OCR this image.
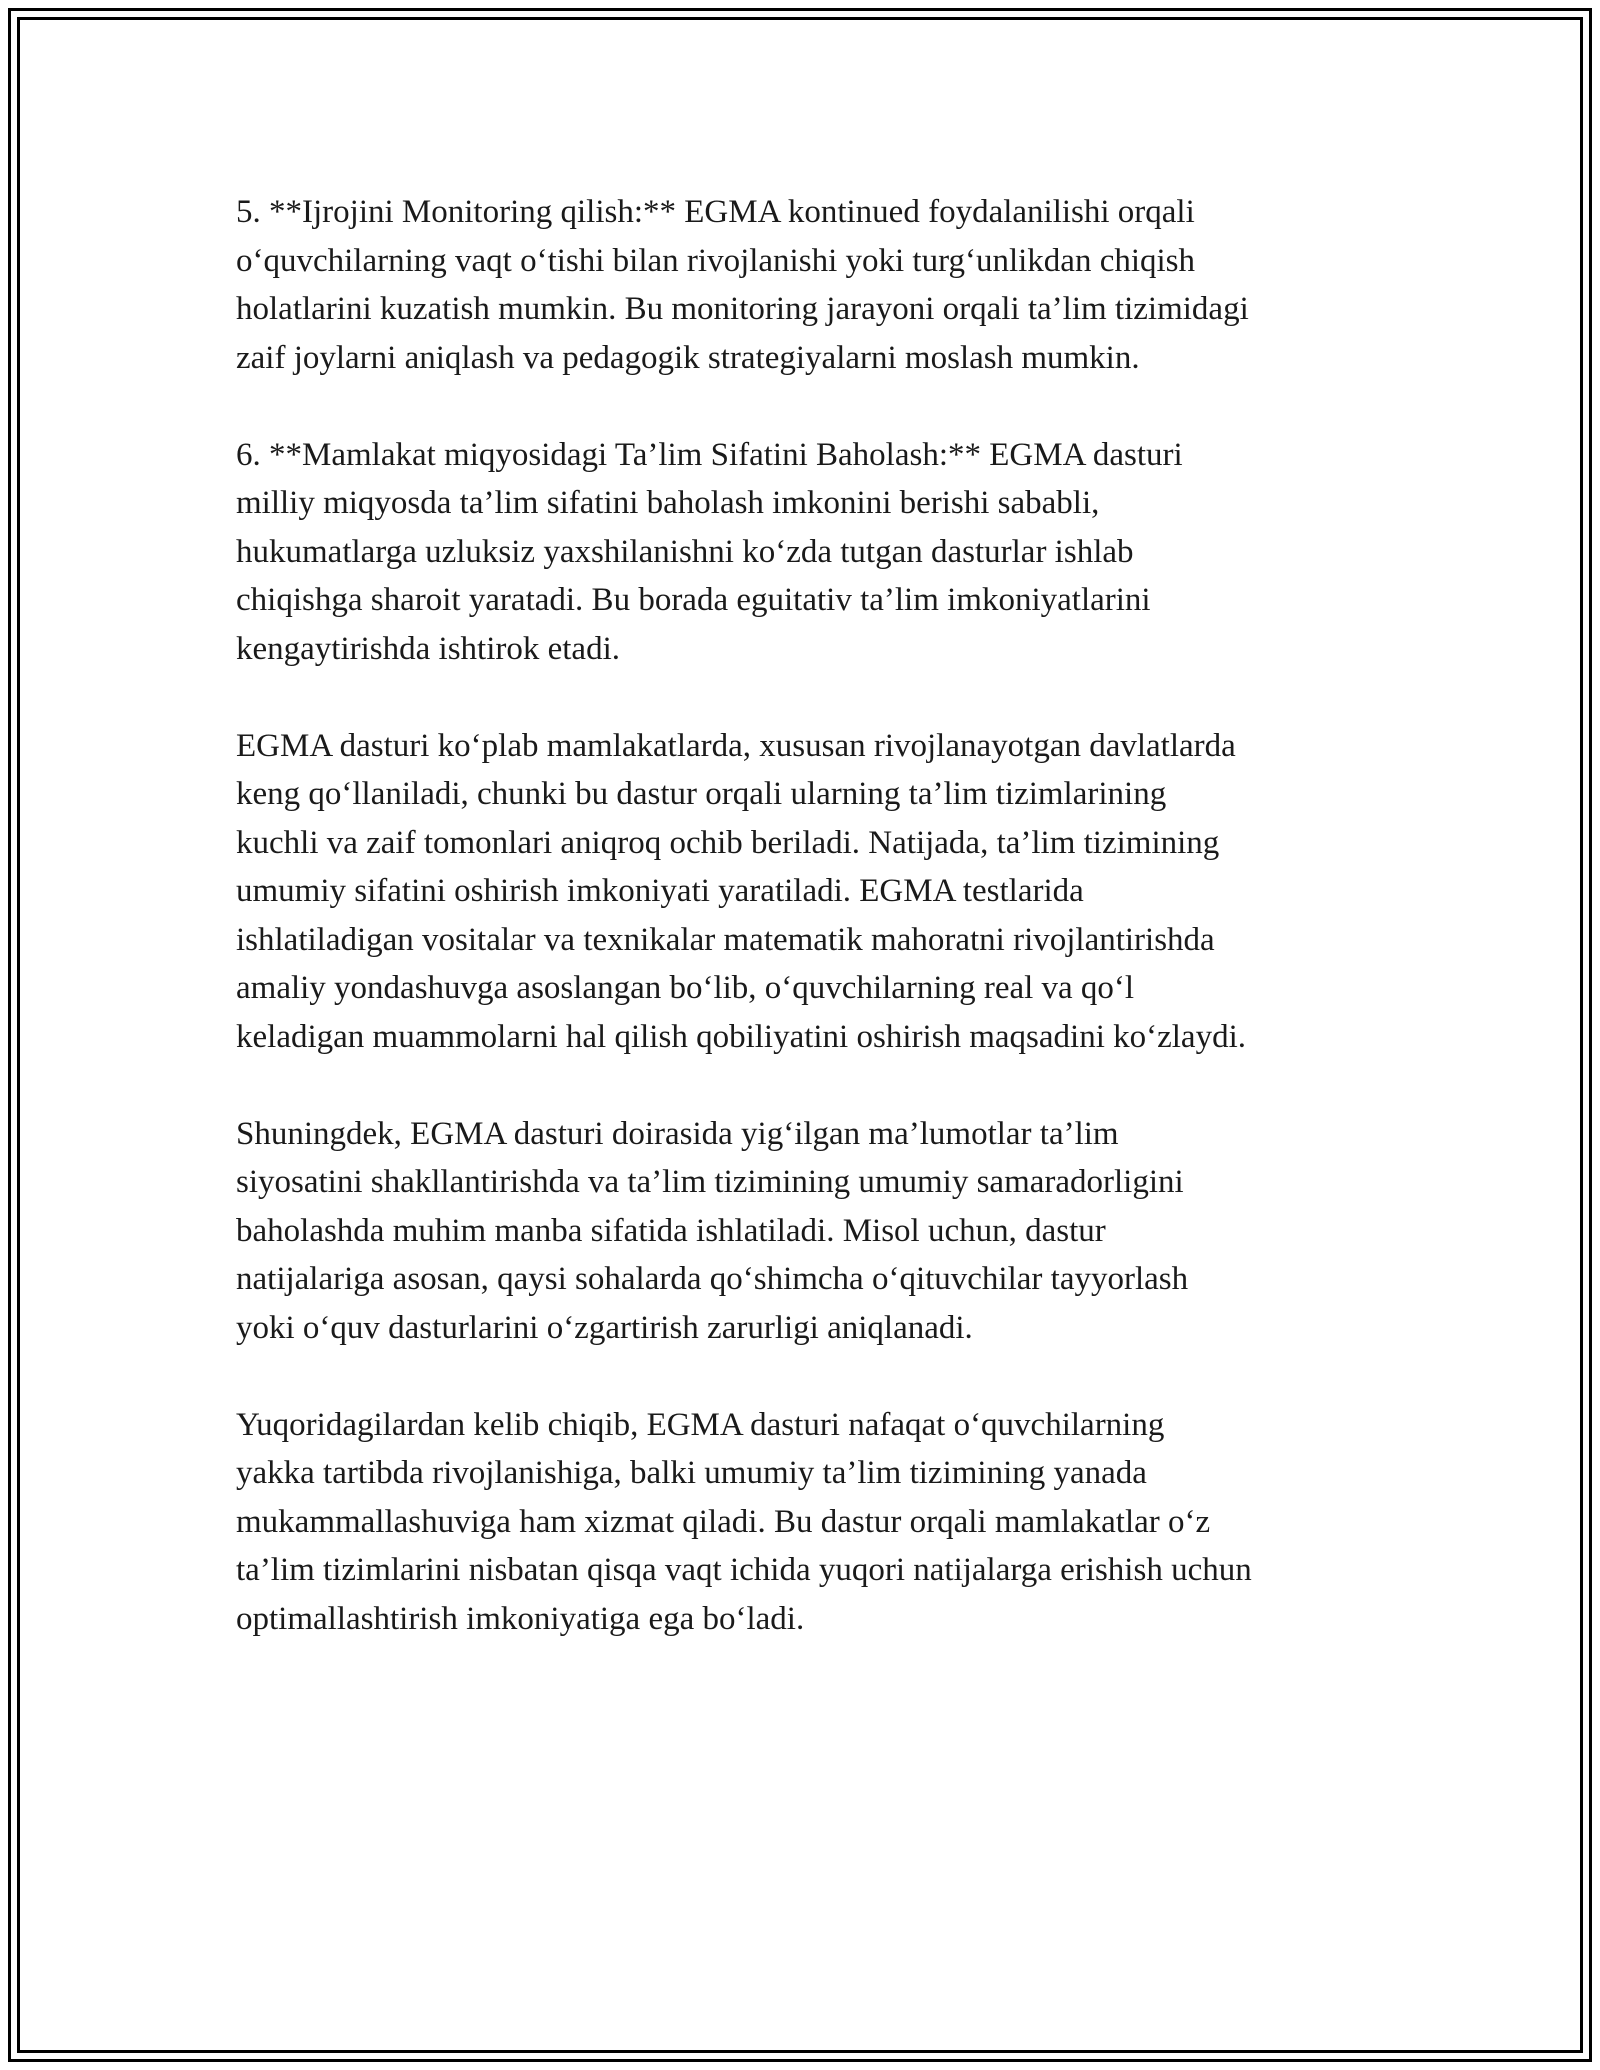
5. **Ijrojini Monitoring qilish:** EGMA kontinued foydalanilishi orqali
o‘quvchilarning vaqt o‘tishi bilan rivojlanishi yoki turg‘unlikdan chiqish
holatlarini kuzatish mumkin. Bu monitoring jarayoni orqali ta’lim tizimidagi
zaif joylarni aniqlash va pedagogik strategiyalarni moslash mumkin.

6. **Mamlakat miqyosidagi Ta’lim Sifatini Baholash:** EGMA dasturi
milliy miqyosda ta’lim sifatini baholash imkonini berishi sababli,
hukumatlarga uzluksiz yaxshilanishni ko‘zda tutgan dasturlar ishlab
chiqishga sharoit yaratadi. Bu borada eguitativ ta’lim imkoniyatlarini
kengaytirishda ishtirok etadi.

EGMA dasturi ko‘plab mamlakatlarda, xususan rivojlanayotgan davlatlarda
keng qo‘llaniladi, chunki bu dastur orqali ularning ta’lim tizimlarining
kuchli va zaif tomonlari aniqroq ochib beriladi. Natijada, ta’lim tizimining
umumiy sifatini oshirish imkoniyati yaratiladi. EGMA testlarida
ishlatiladigan vositalar va texnikalar matematik mahoratni rivojlantirishda
amaliy yondashuvga asoslangan bo‘lib, o‘quvchilarning real va qo‘l
keladigan muammolarni hal qilish qobiliyatini oshirish maqsadini ko‘zlaydi.

Shuningdek, EGMA dasturi doirasida yig‘ilgan ma’lumotlar ta’lim
siyosatini shakllantirishda va ta’lim tizimining umumiy samaradorligini
baholashda muhim manba sifatida ishlatiladi. Misol uchun, dastur
natijalariga asosan, qaysi sohalarda qo‘shimcha o‘qituvchilar tayyorlash
yoki o‘quv dasturlarini o‘zgartirish zarurligi aniqlanadi.

Yuqoridagilardan kelib chiqib, EGMA dasturi nafaqat o‘quvchilarning
yakka tartibda rivojlanishiga, balki umumiy ta’lim tizimining yanada
mukammallashuviga ham xizmat qiladi. Bu dastur orqali mamlakatlar o‘z
ta’lim tizimlarini nisbatan qisqa vaqt ichida yuqori natijalarga erishish uchun
optimallashtirish imkoniyatiga ega bo‘ladi.
